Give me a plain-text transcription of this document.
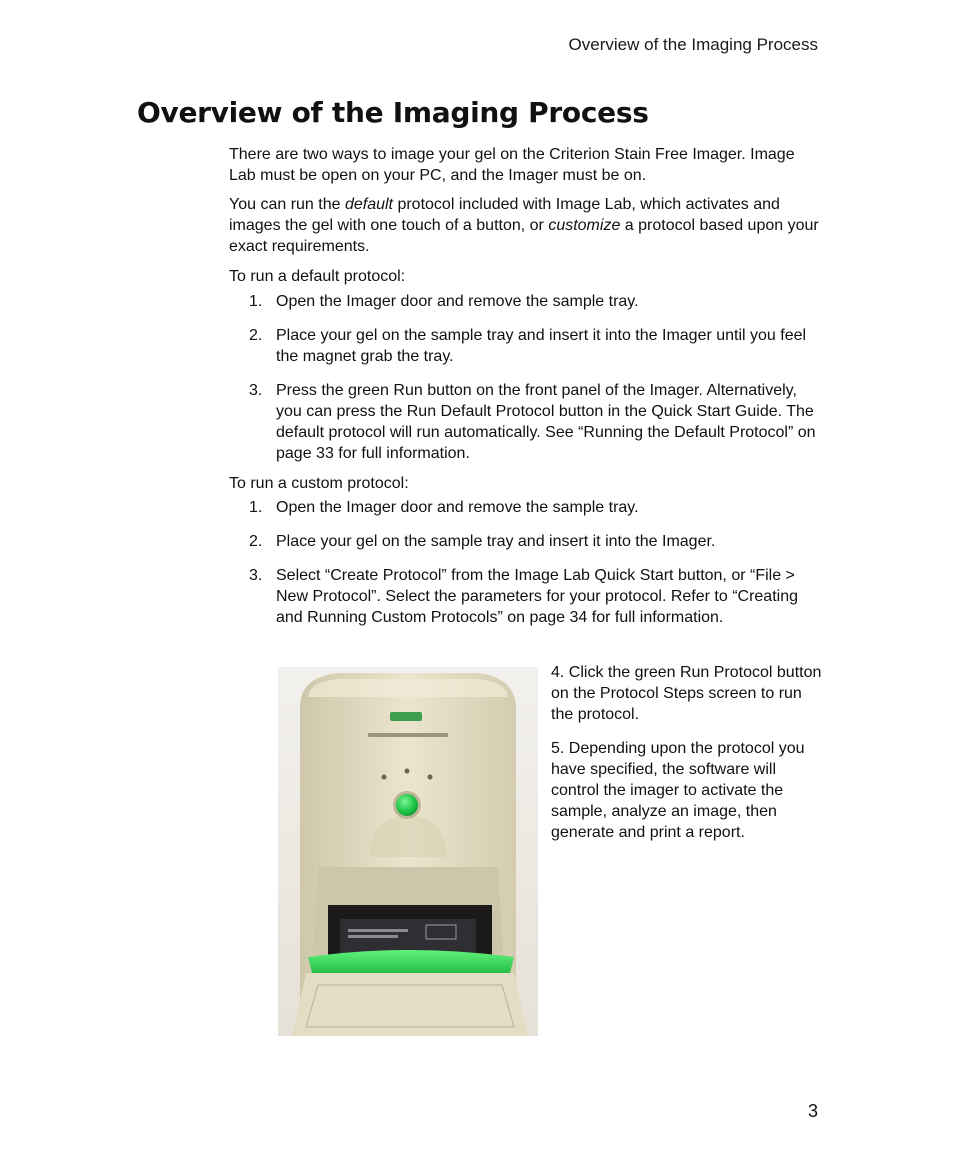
Overview of the Imaging Process
Overview of the Imaging Process

There are two ways to image your gel on the Criterion Stain Free Imager. Image Lab must be open on your PC, and the Imager must be on.

You can run the default protocol included with Image Lab, which activates and images the gel with one touch of a button, or customize a protocol based upon your exact requirements.

To run a default protocol:
1. Open the Imager door and remove the sample tray.
2. Place your gel on the sample tray and insert it into the Imager until you feel the magnet grab the tray.
3. Press the green Run button on the front panel of the Imager. Alternatively, you can press the Run Default Protocol button in the Quick Start Guide. The default protocol will run automatically. See “Running the Default Protocol” on page 33 for full information.
To run a custom protocol:
1. Open the Imager door and remove the sample tray.
2. Place your gel on the sample tray and insert it into the Imager.
3. Select “Create Protocol” from the Image Lab Quick Start button, or “File > New Protocol”. Select the parameters for your protocol. Refer to “Creating and Running Custom Protocols” on page 34 for full information.

4. Click the green Run Protocol button on the Protocol Steps screen to run the protocol.

5. Depending upon the protocol you have specified, the software will control the imager to activate the sample, analyze an image, then generate and print a report.

3
